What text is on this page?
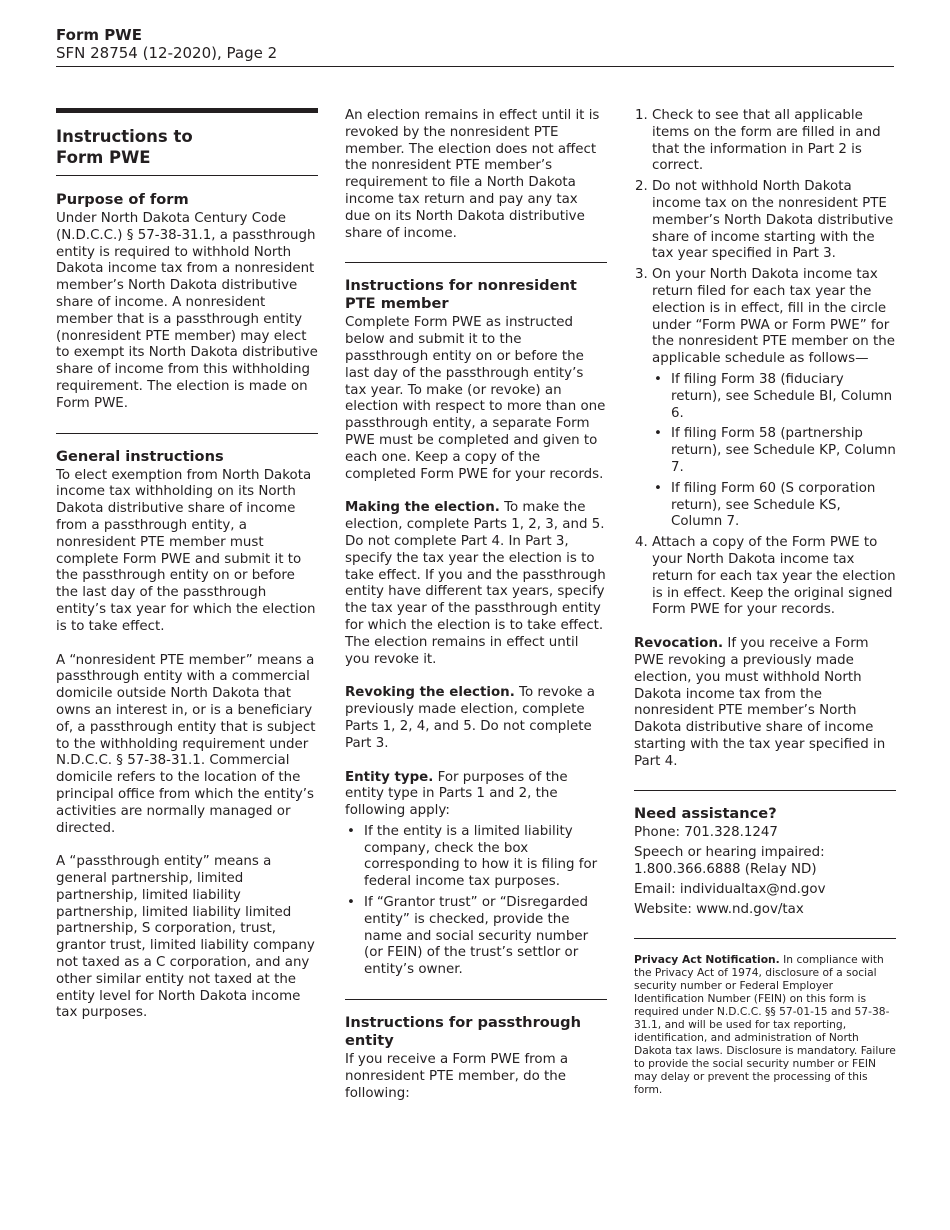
Form PWE
SFN 28754 (12-2020), Page 2
Instructions to
Form PWE
Purpose of form

Under North Dakota Century Code (N.D.C.C.) § 57-38-31.1, a passthrough entity is required to withhold North Dakota income tax from a nonresident member’s North Dakota distributive share of income. A nonresident member that is a passthrough entity (nonresident PTE member) may elect to exempt its North Dakota distributive share of income from this withholding requirement. The election is made on Form PWE.

General instructions

To elect exemption from North Dakota income tax withholding on its North Dakota distributive share of income from a passthrough entity, a nonresident PTE member must complete Form PWE and submit it to the passthrough entity on or before the last day of the passthrough entity’s tax year for which the election is to take effect.

A “nonresident PTE member” means a passthrough entity with a commercial domicile outside North Dakota that owns an interest in, or is a beneficiary of, a passthrough entity that is subject to the withholding requirement under N.D.C.C. § 57-38-31.1. Commercial domicile refers to the location of the principal office from which the entity’s activities are normally managed or directed.

A “passthrough entity” means a general partnership, limited partnership, limited liability partnership, limited liability limited partnership, S corporation, trust, grantor trust, limited liability company not taxed as a C corporation, and any other similar entity not taxed at the entity level for North Dakota income tax purposes.

An election remains in effect until it is revoked by the nonresident PTE member. The election does not affect the nonresident PTE member’s requirement to file a North Dakota income tax return and pay any tax due on its North Dakota distributive share of income.

Instructions for nonresident PTE member

Complete Form PWE as instructed below and submit it to the passthrough entity on or before the last day of the passthrough entity’s tax year. To make (or revoke) an election with respect to more than one passthrough entity, a separate Form PWE must be completed and given to each one. Keep a copy of the completed Form PWE for your records.

Making the election. To make the election, complete Parts 1, 2, 3, and 5. Do not complete Part 4. In Part 3, specify the tax year the election is to take effect. If you and the passthrough entity have different tax years, specify the tax year of the passthrough entity for which the election is to take effect. The election remains in effect until you revoke it.

Revoking the election. To revoke a previously made election, complete Parts 1, 2, 4, and 5. Do not complete Part 3.

Entity type. For purposes of the entity type in Parts 1 and 2, the following apply:

• If the entity is a limited liability company, check the box corresponding to how it is filing for federal income tax purposes.
• If “Grantor trust” or “Disregarded entity” is checked, provide the name and social security number (or FEIN) of the trust’s settlor or entity’s owner.
Instructions for passthrough entity

If you receive a Form PWE from a nonresident PTE member, do the following:

1. Check to see that all applicable items on the form are filled in and that the information in Part 2 is correct.
2. Do not withhold North Dakota income tax on the nonresident PTE member’s North Dakota distributive share of income starting with the tax year specified in Part 3.
3. On your North Dakota income tax return filed for each tax year the election is in effect, fill in the circle under “Form PWA or Form PWE” for the nonresident PTE member on the applicable schedule as follows—
• If filing Form 38 (fiduciary return), see Schedule BI, Column 6.
• If filing Form 58 (partnership return), see Schedule KP, Column 7.
• If filing Form 60 (S corporation return), see Schedule KS, Column 7.
4. Attach a copy of the Form PWE to your North Dakota income tax return for each tax year the election is in effect. Keep the original signed Form PWE for your records.

Revocation. If you receive a Form PWE revoking a previously made election, you must withhold North Dakota income tax from the nonresident PTE member’s North Dakota distributive share of income starting with the tax year specified in Part 4.

Need assistance?

Phone: 701.328.1247

Speech or hearing impaired:
1.800.366.6888 (Relay ND)

Email: individualtax@nd.gov

Website: www.nd.gov/tax

Privacy Act Notification. In compliance with the Privacy Act of 1974, disclosure of a social security number or Federal Employer Identification Number (FEIN) on this form is required under N.D.C.C. §§ 57-01-15 and 57-38-31.1, and will be used for tax reporting, identification, and administration of North Dakota tax laws. Disclosure is mandatory. Failure to provide the social security number or FEIN may delay or prevent the processing of this form.
